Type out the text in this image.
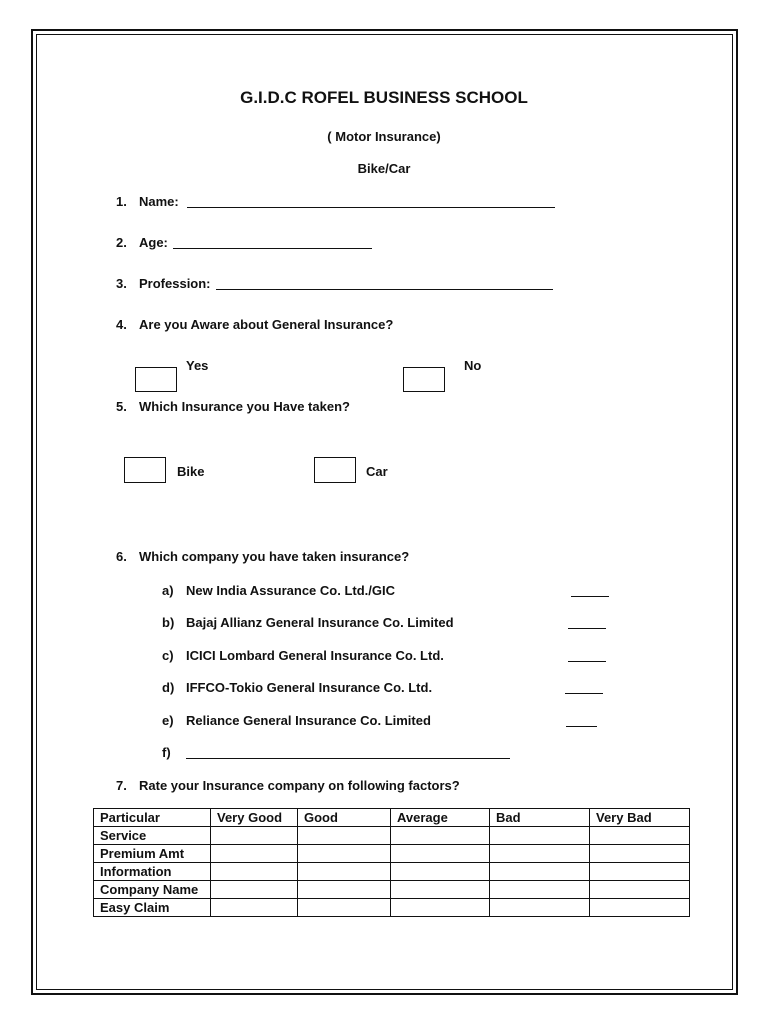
G.I.D.C ROFEL BUSINESS SCHOOL
( Motor Insurance)
Bike/Car
1. Name:
2. Age:
3. Profession:
4. Are you Aware about General Insurance?
Yes	No
5. Which Insurance you Have taken?
Bike	Car
6. Which company you have taken insurance?
a) New India Assurance Co. Ltd./GIC
b) Bajaj Allianz General Insurance Co. Limited
c) ICICI Lombard General Insurance Co. Ltd.
d) IFFCO-Tokio General Insurance Co. Ltd.
e) Reliance General Insurance Co. Limited
f)
7. Rate your Insurance company on following factors?
Particular	Very Good	Good	Average	Bad	Very Bad
Service					
Premium Amt					
Information					
Company Name					
Easy Claim					
